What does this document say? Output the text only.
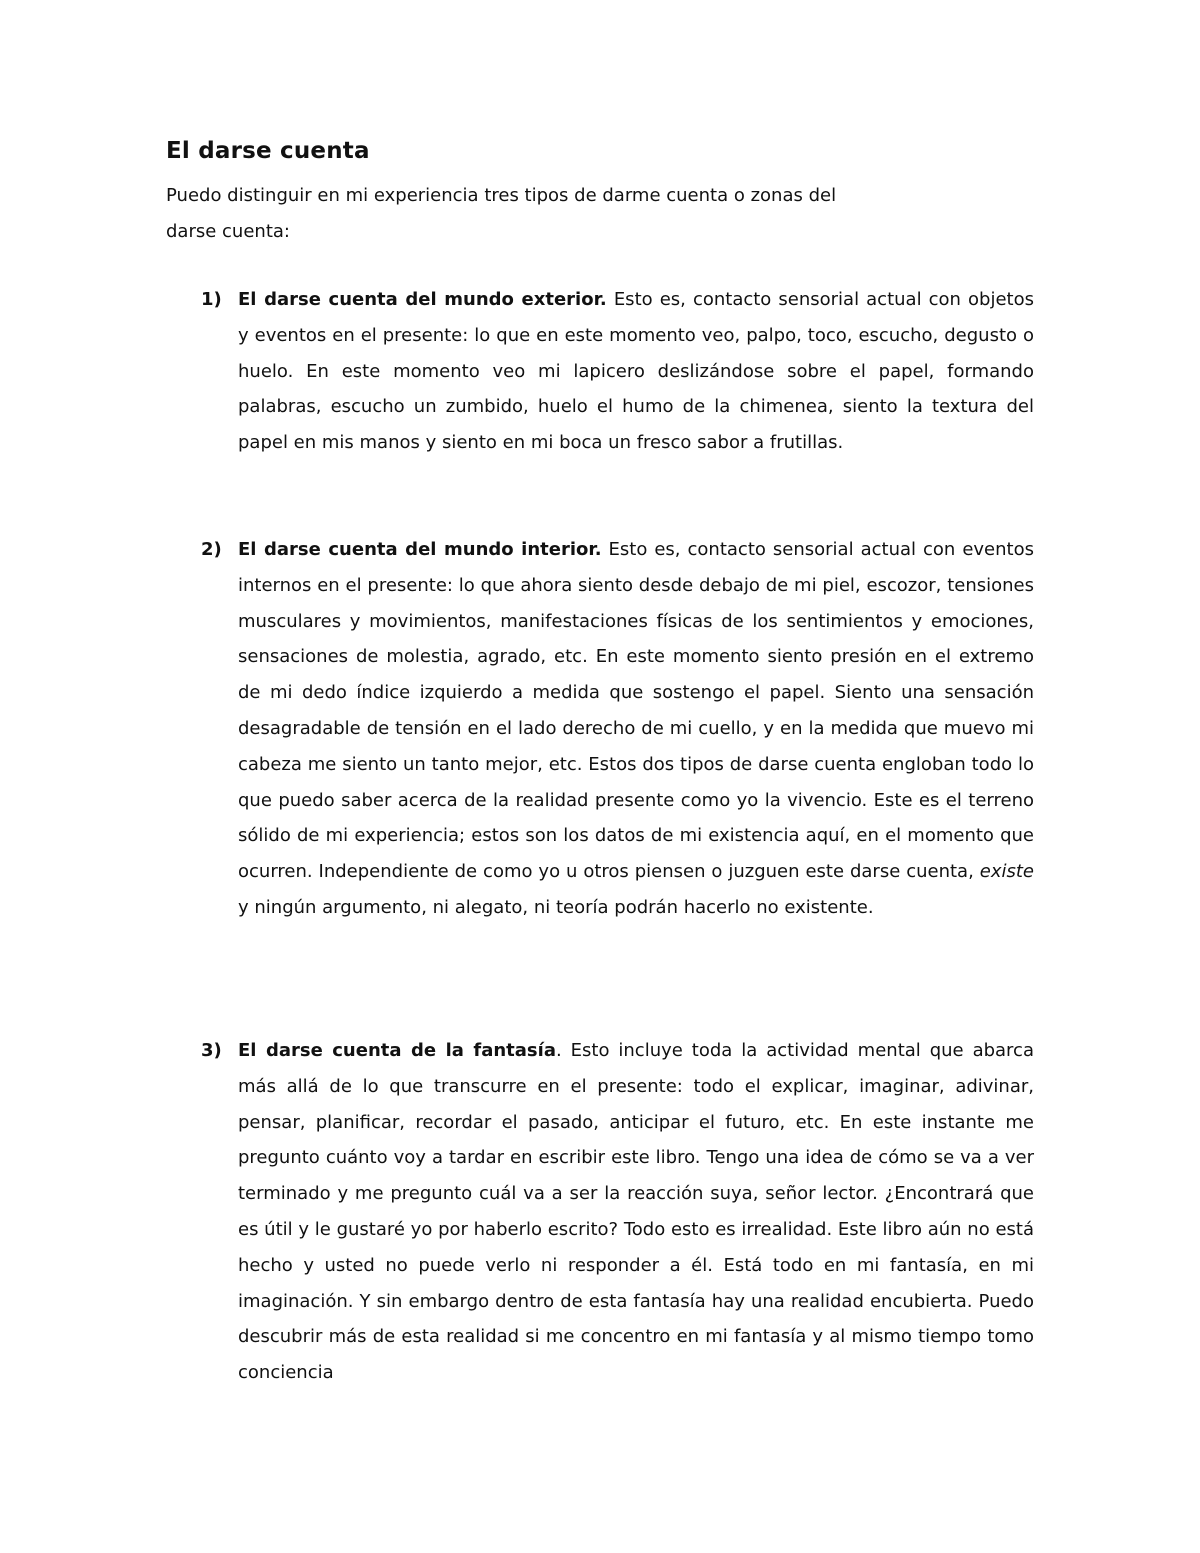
El darse cuenta

Puedo distinguir en mi experiencia tres tipos de darme cuenta o zonas del
darse cuenta:

1) El darse cuenta del mundo exterior. Esto es, contacto sensorial actual con objetos y eventos en el presente: lo que en este momento veo, palpo, toco, escucho, degusto o huelo. En este momento veo mi lapicero deslizándose sobre el papel, formando palabras, escucho un zumbido, huelo el humo de la chimenea, siento la textura del papel en mis manos y siento en mi boca un fresco sabor a frutillas.
2) El darse cuenta del mundo interior. Esto es, contacto sensorial actual con eventos internos en el presente: lo que ahora siento desde debajo de mi piel, escozor, tensiones musculares y movimientos, manifestaciones físicas de los sentimientos y emociones, sensaciones de molestia, agrado, etc. En este momento siento presión en el extremo de mi dedo índice izquierdo a medida que sostengo el papel. Siento una sensación desagradable de tensión en el lado derecho de mi cuello, y en la medida que muevo mi cabeza me siento un tanto mejor, etc. Estos dos tipos de darse cuenta engloban todo lo que puedo saber acerca de la realidad presente como yo la vivencio. Este es el terreno sólido de mi experiencia; estos son los datos de mi existencia aquí, en el momento que ocurren. Independiente de como yo u otros piensen o juzguen este darse cuenta, existe y ningún argumento, ni alegato, ni teoría podrán hacerlo no existente.
3) El darse cuenta de la fantasía. Esto incluye toda la actividad mental que abarca más allá de lo que transcurre en el presente: todo el explicar, imaginar, adivinar, pensar, planificar, recordar el pasado, anticipar el futuro, etc. En este instante me pregunto cuánto voy a tardar en escribir este libro. Tengo una idea de cómo se va a ver terminado y me pregunto cuál va a ser la reacción suya, señor lector. ¿Encontrará que es útil y le gustaré yo por haberlo escrito? Todo esto es irrealidad. Este libro aún no está hecho y usted no puede verlo ni responder a él. Está todo en mi fantasía, en mi imaginación. Y sin embargo dentro de esta fantasía hay una realidad encubierta. Puedo descubrir más de esta realidad si me concentro en mi fantasía y al mismo tiempo tomo conciencia
